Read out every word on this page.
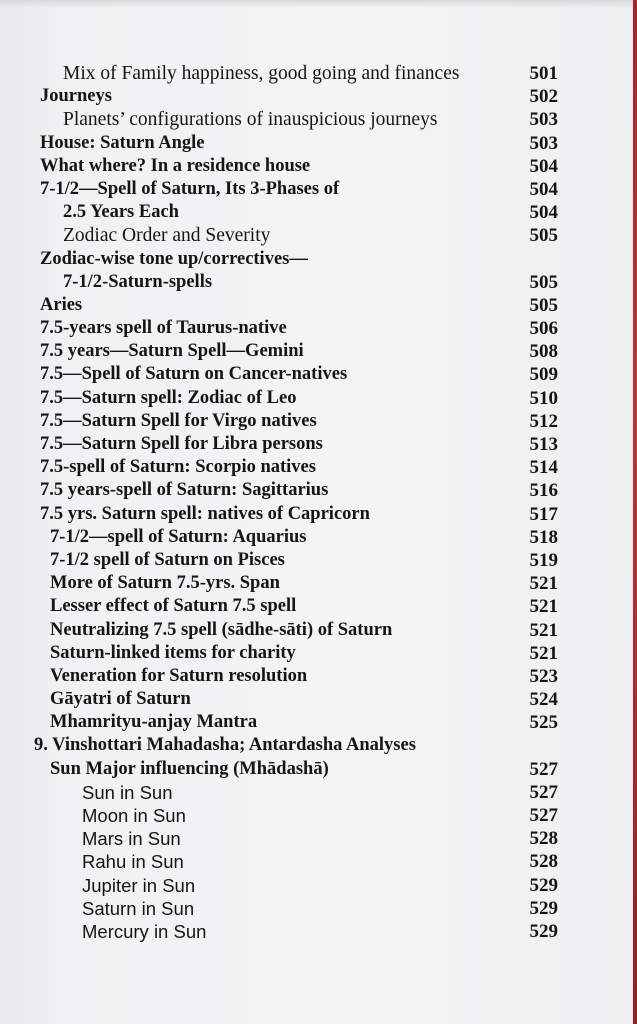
Mix of Family happiness, good going and finances	501
Journeys	502
Planets’ configurations of inauspicious journeys	503
House: Saturn Angle	503
What where? In a residence house	504
7-1/2—Spell of Saturn, Its 3-Phases of	504
2.5 Years Each	504
Zodiac Order and Severity	505
Zodiac-wise tone up/correctives—
7-1/2-Saturn-spells	505
Aries	505
7.5-years spell of Taurus-native	506
7.5 years—Saturn Spell—Gemini	508
7.5—Spell of Saturn on Cancer-natives	509
7.5—Saturn spell: Zodiac of Leo	510
7.5—Saturn Spell for Virgo natives	512
7.5—Saturn Spell for Libra persons	513
7.5-spell of Saturn: Scorpio natives	514
7.5 years-spell of Saturn: Sagittarius	516
7.5 yrs. Saturn spell: natives of Capricorn	517
7-1/2—spell of Saturn: Aquarius	518
7-1/2 spell of Saturn on Pisces	519
More of Saturn 7.5-yrs. Span	521
Lesser effect of Saturn 7.5 spell	521
Neutralizing 7.5 spell (sādhe-sāti) of Saturn	521
Saturn-linked items for charity	521
Veneration for Saturn resolution	523
Gāyatri of Saturn	524
Mhamrityu-anjay Mantra	525
9. Vinshottari Mahadasha; Antardasha Analyses
Sun Major influencing (Mhādashā)	527
Sun in Sun	527
Moon in Sun	527
Mars in Sun	528
Rahu in Sun	528
Jupiter in Sun	529
Saturn in Sun	529
Mercury in Sun	529
